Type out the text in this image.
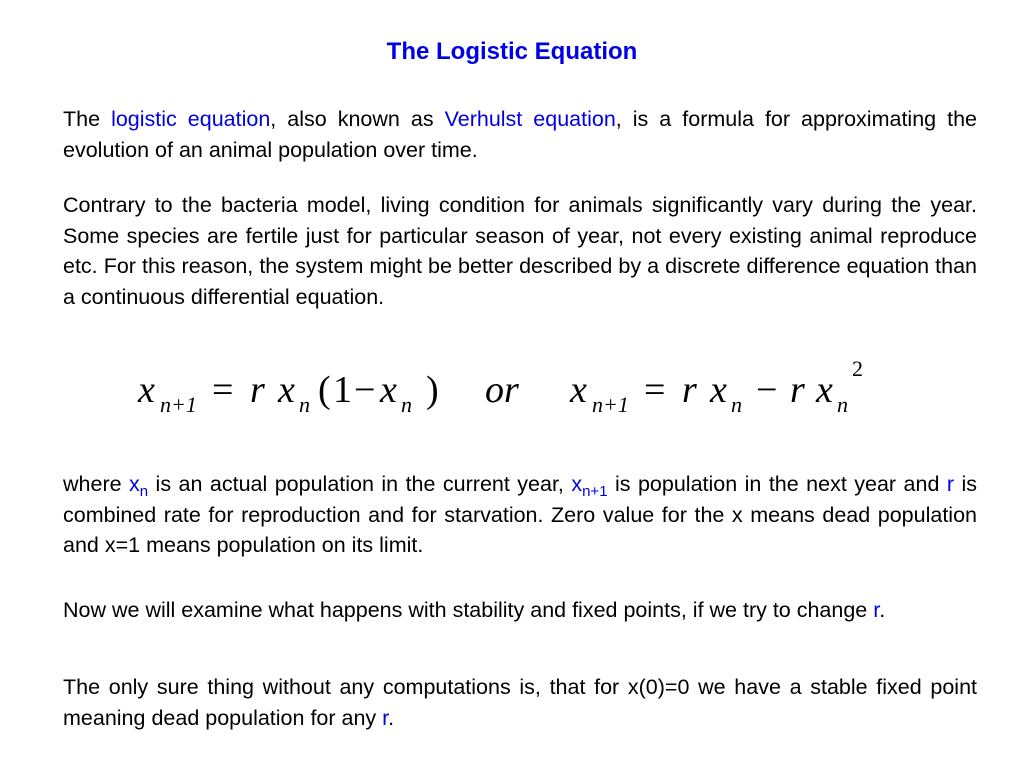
The Logistic Equation

The logistic equation, also known as Verhulst equation, is a formula for approximating the evolution of an animal population over time.

Contrary to the bacteria model, living condition for animals significantly vary during the year. Some species are fertile just for particular season of year, not every existing animal reproduce etc. For this reason, the system might be better described by a discrete difference equation than a continuous differential equation.

x n+1 = r x n ( 1 − x n ) or x n+1 = r x n − r x n
2

where $x_n$ is an actual population in the current year, $x_{n+1}$ is population in the next year and r is combined rate for reproduction and for starvation. Zero value for the x means dead population and x=1 means population on its limit.

Now we will examine what happens with stability and fixed points, if we try to change r.

The only sure thing without any computations is, that for x(0)=0 we have a stable fixed point meaning dead population for any r.
